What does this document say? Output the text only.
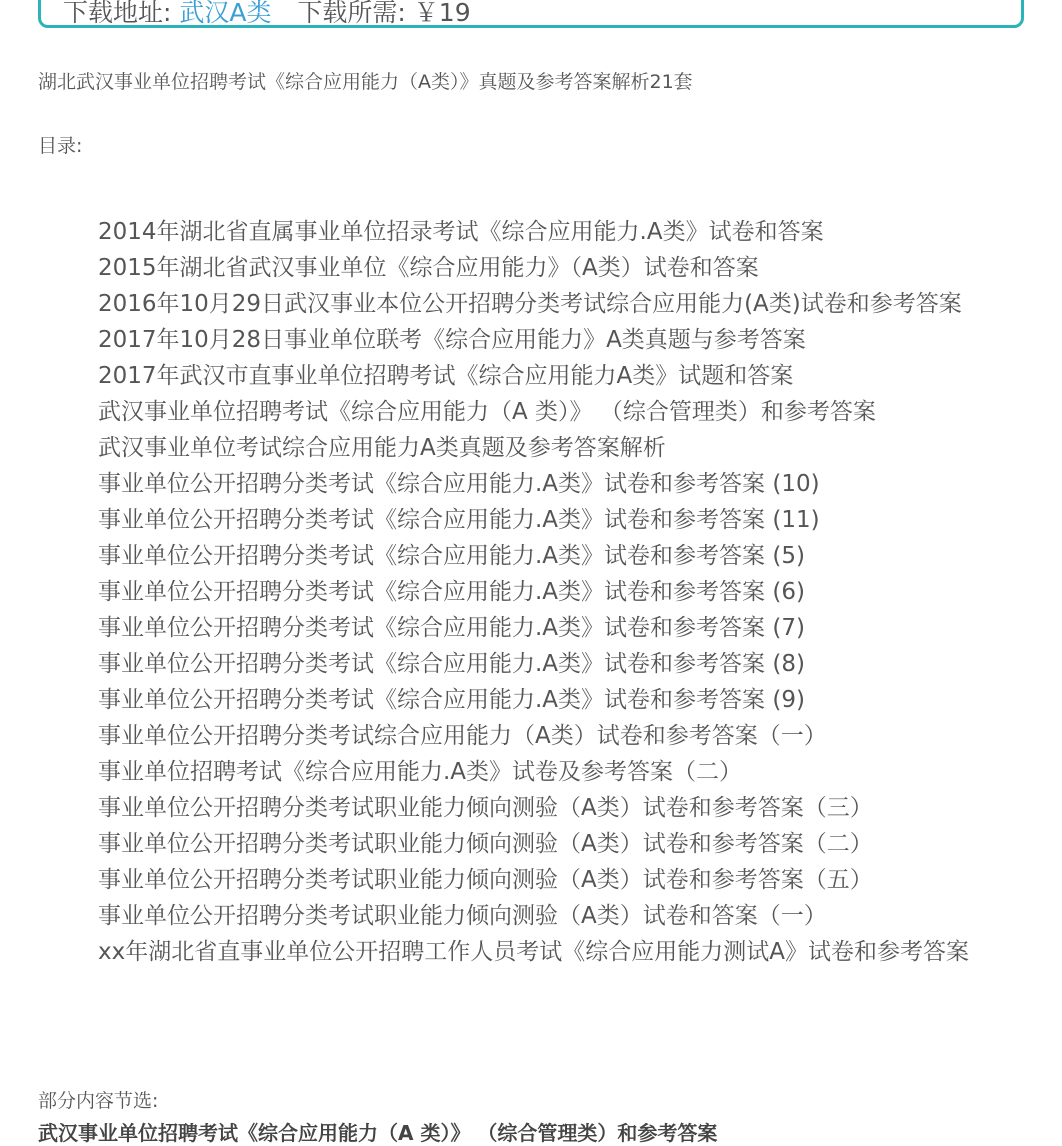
下载地址: 武汉A类 下载所需: ￥19
湖北武汉事业单位招聘考试《综合应用能力（A类）》真题及参考答案解析21套
目录:
2014年湖北省直属事业单位招录考试《综合应用能力.A类》试卷和答案
2015年湖北省武汉事业单位《综合应用能力》（A类）试卷和答案
2016年10月29日武汉事业本位公开招聘分类考试综合应用能力(A类)试卷和参考答案
2017年10月28日事业单位联考《综合应用能力》A类真题与参考答案
2017年武汉市直事业单位招聘考试《综合应用能力A类》试题和答案
武汉事业单位招聘考试《综合应用能力（A 类）》 （综合管理类）和参考答案
武汉事业单位考试综合应用能力A类真题及参考答案解析
事业单位公开招聘分类考试《综合应用能力.A类》试卷和参考答案 (10)
事业单位公开招聘分类考试《综合应用能力.A类》试卷和参考答案 (11)
事业单位公开招聘分类考试《综合应用能力.A类》试卷和参考答案 (5)
事业单位公开招聘分类考试《综合应用能力.A类》试卷和参考答案 (6)
事业单位公开招聘分类考试《综合应用能力.A类》试卷和参考答案 (7)
事业单位公开招聘分类考试《综合应用能力.A类》试卷和参考答案 (8)
事业单位公开招聘分类考试《综合应用能力.A类》试卷和参考答案 (9)
事业单位公开招聘分类考试综合应用能力（A类）试卷和参考答案（一）
事业单位招聘考试《综合应用能力.A类》试卷及参考答案（二）
事业单位公开招聘分类考试职业能力倾向测验（A类）试卷和参考答案（三）
事业单位公开招聘分类考试职业能力倾向测验（A类）试卷和参考答案（二）
事业单位公开招聘分类考试职业能力倾向测验（A类）试卷和参考答案（五）
事业单位公开招聘分类考试职业能力倾向测验（A类）试卷和答案（一）
xx年湖北省直事业单位公开招聘工作人员考试《综合应用能力测试A》试卷和参考答案
部分内容节选:
武汉事业单位招聘考试《综合应用能力（A 类）》 （综合管理类）和参考答案
